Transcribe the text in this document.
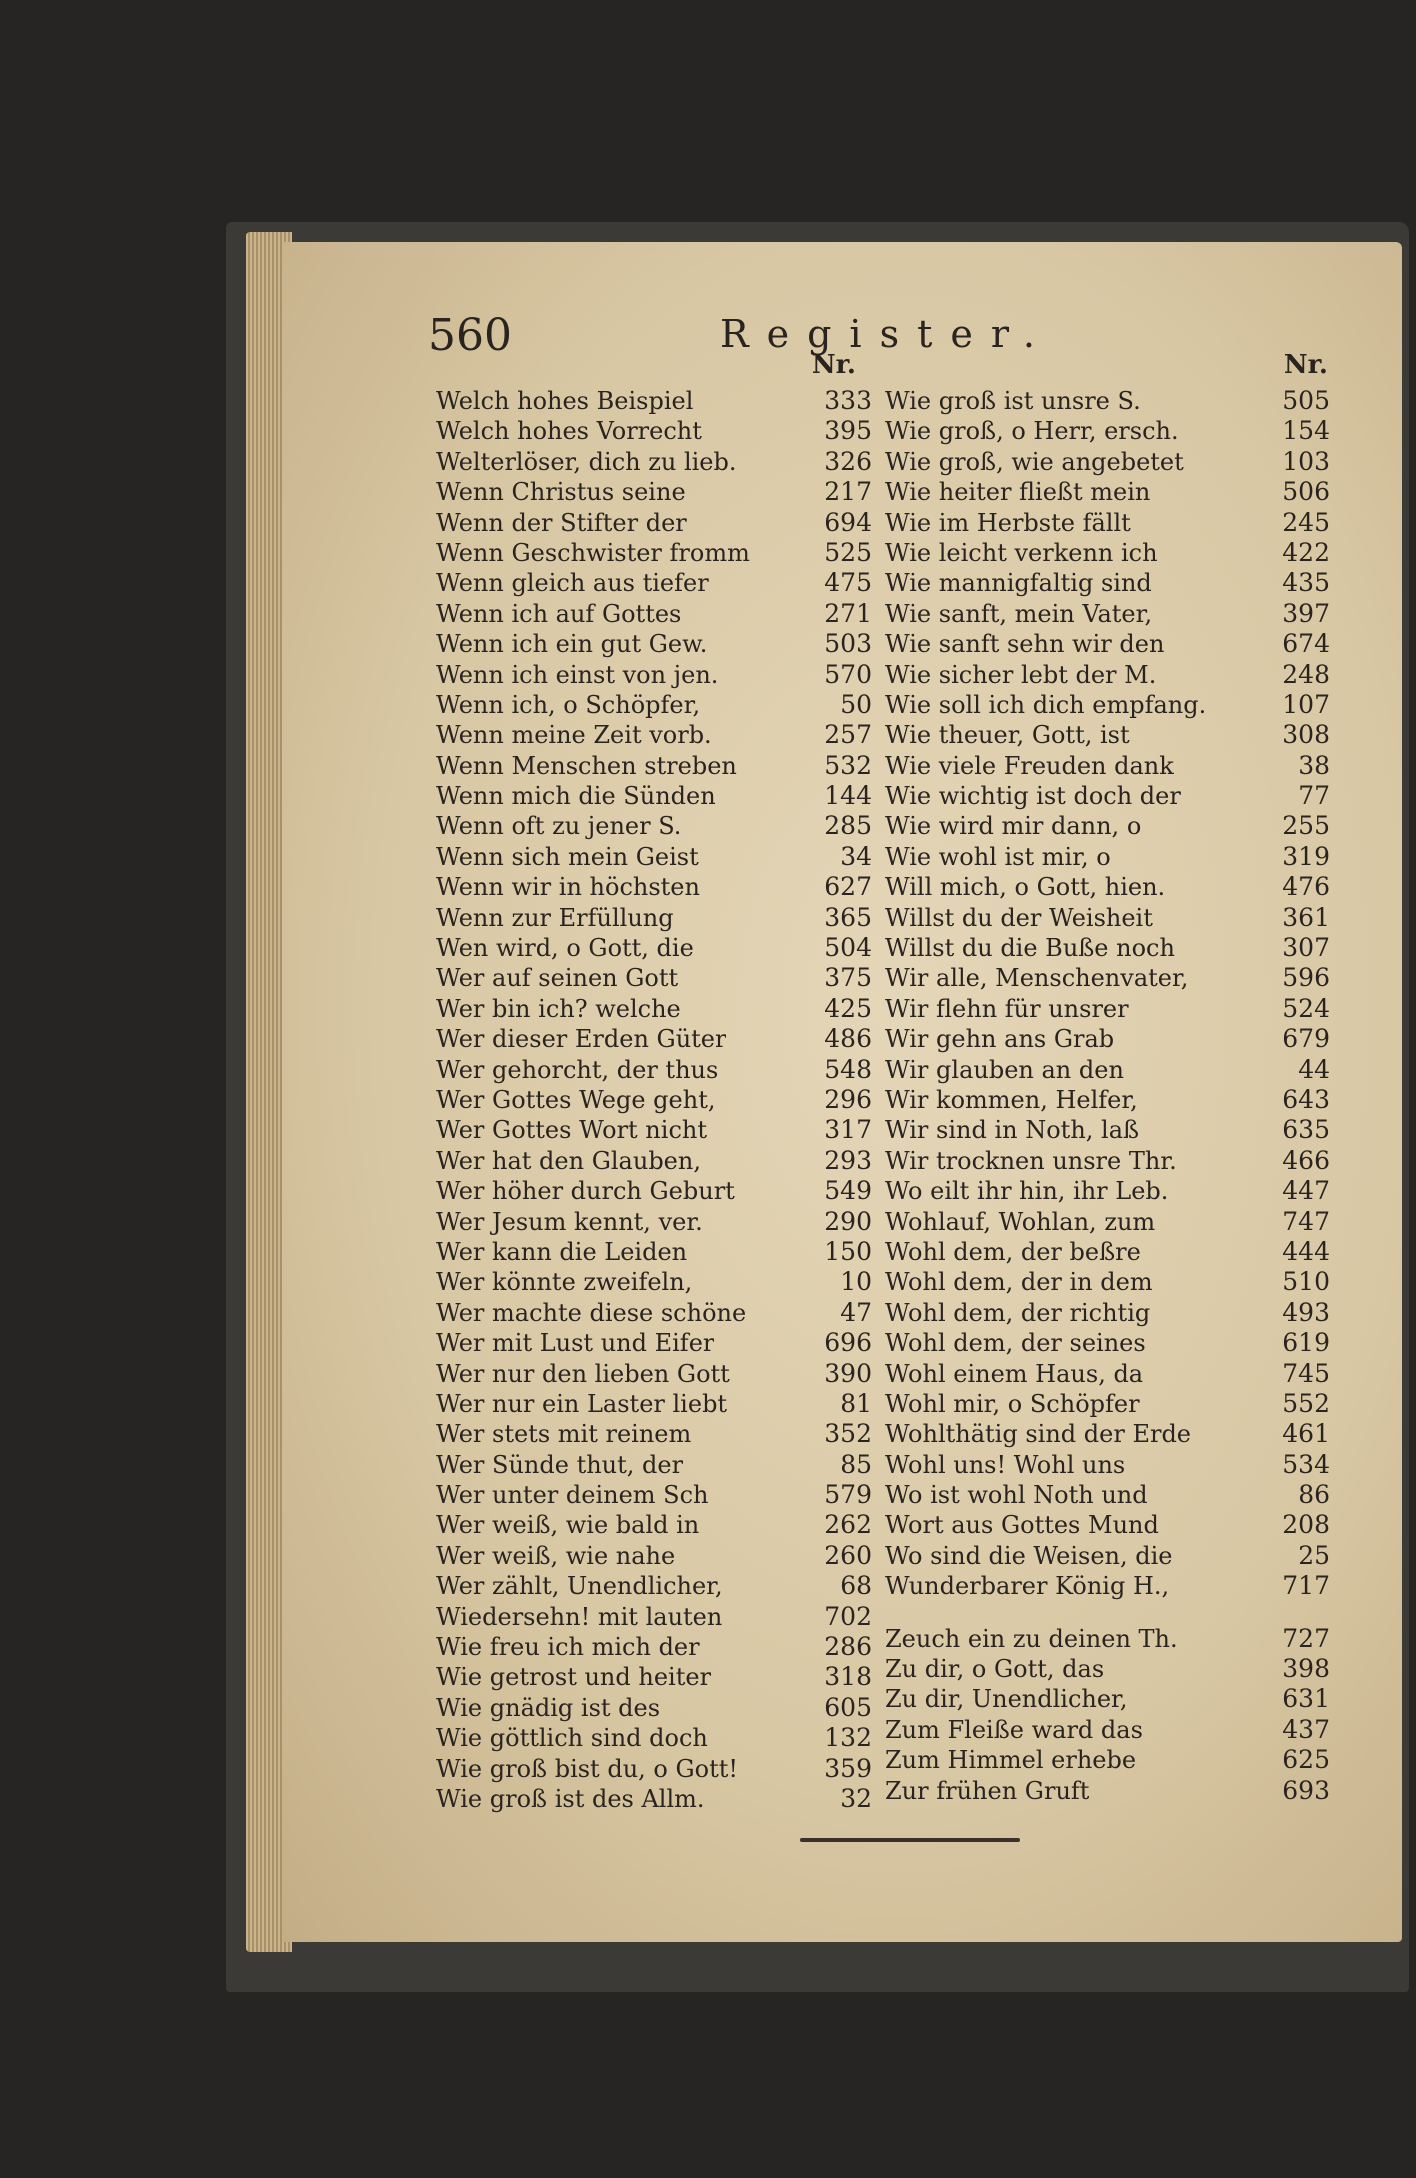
560	Register.
Nr.
Welch hohes Beispiel	333
Welch hohes Vorrecht	395
Welterlöser, dich zu lieb.	326
Wenn Christus seine	217
Wenn der Stifter der	694
Wenn Geschwister fromm	525
Wenn gleich aus tiefer	475
Wenn ich auf Gottes	271
Wenn ich ein gut Gew.	503
Wenn ich einst von jen.	570
Wenn ich, o Schöpfer,	50
Wenn meine Zeit vorb.	257
Wenn Menschen streben	532
Wenn mich die Sünden	144
Wenn oft zu jener S.	285
Wenn sich mein Geist	34
Wenn wir in höchsten	627
Wenn zur Erfüllung	365
Wen wird, o Gott, die	504
Wer auf seinen Gott	375
Wer bin ich? welche	425
Wer dieser Erden Güter	486
Wer gehorcht, der thus	548
Wer Gottes Wege geht,	296
Wer Gottes Wort nicht	317
Wer hat den Glauben,	293
Wer höher durch Geburt	549
Wer Jesum kennt, ver.	290
Wer kann die Leiden	150
Wer könnte zweifeln,	10
Wer machte diese schöne	47
Wer mit Lust und Eifer	696
Wer nur den lieben Gott	390
Wer nur ein Laster liebt	81
Wer stets mit reinem	352
Wer Sünde thut, der	85
Wer unter deinem Sch	579
Wer weiß, wie bald in	262
Wer weiß, wie nahe	260
Wer zählt, Unendlicher,	68
Wiedersehn! mit lauten	702
Wie freu ich mich der	286
Wie getrost und heiter	318
Wie gnädig ist des	605
Wie göttlich sind doch	132
Wie groß bist du, o Gott!	359
Wie groß ist des Allm.	32
Nr.
Wie groß ist unsre S.	505
Wie groß, o Herr, ersch.	154
Wie groß, wie angebetet	103
Wie heiter fließt mein	506
Wie im Herbste fällt	245
Wie leicht verkenn ich	422
Wie mannigfaltig sind	435
Wie sanft, mein Vater,	397
Wie sanft sehn wir den	674
Wie sicher lebt der M.	248
Wie soll ich dich empfang.	107
Wie theuer, Gott, ist	308
Wie viele Freuden dank	38
Wie wichtig ist doch der	77
Wie wird mir dann, o	255
Wie wohl ist mir, o	319
Will mich, o Gott, hien.	476
Willst du der Weisheit	361
Willst du die Buße noch	307
Wir alle, Menschenvater,	596
Wir flehn für unsrer	524
Wir gehn ans Grab	679
Wir glauben an den	44
Wir kommen, Helfer,	643
Wir sind in Noth, laß	635
Wir trocknen unsre Thr.	466
Wo eilt ihr hin, ihr Leb.	447
Wohlauf, Wohlan, zum	747
Wohl dem, der beßre	444
Wohl dem, der in dem	510
Wohl dem, der richtig	493
Wohl dem, der seines	619
Wohl einem Haus, da	745
Wohl mir, o Schöpfer	552
Wohlthätig sind der Erde	461
Wohl uns! Wohl uns	534
Wo ist wohl Noth und	86
Wort aus Gottes Mund	208
Wo sind die Weisen, die	25
Wunderbarer König H.,	717
Zeuch ein zu deinen Th.	727
Zu dir, o Gott, das	398
Zu dir, Unendlicher,	631
Zum Fleiße ward das	437
Zum Himmel erhebe	625
Zur frühen Gruft	693
